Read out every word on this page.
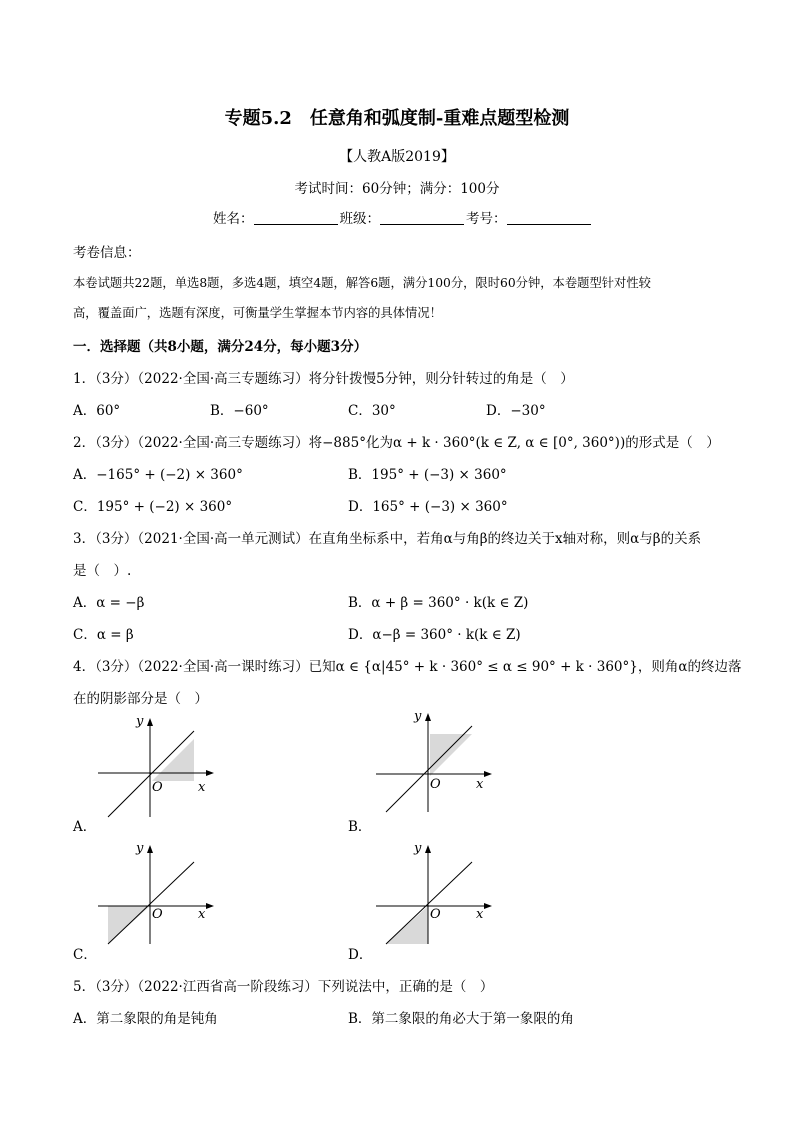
专题5.2　任意角和弧度制-重难点题型检测
【人教A版2019】
考试时间：60分钟；满分：100分
姓名：	班级：	考号：
考卷信息：
本卷试题共22题，单选8题，多选4题，填空4题，解答6题，满分100分，限时60分钟，本卷题型针对性较
高，覆盖面广，选题有深度，可衡量学生掌握本节内容的具体情况！
一．选择题（共8小题，满分24分，每小题3分）
1．（3分）（2022·全国·高三专题练习）将分针拨慢5分钟，则分针转过的角是（　）
A．60°	B．−60°	C．30°	D．−30°
2．（3分）（2022·全国·高三专题练习）将−885°化为α + k · 360°(k ∈ Z, α ∈ [0°, 360°))的形式是（　）
A．−165° + (−2) × 360°	B．195° + (−3) × 360°
C．195° + (−2) × 360°	D．165° + (−3) × 360°
3．（3分）（2021·全国·高一单元测试）在直角坐标系中，若角α与角β的终边关于x轴对称，则α与β的关系
是（　）.
A．α = −β	B．α + β = 360° · k(k ∈ Z)
C．α = β	D．α−β = 360° · k(k ∈ Z)
4．（3分）（2022·全国·高一课时练习）已知α ∈ {α|45° + k · 360° ≤ α ≤ 90° + k · 360°}，则角α的终边落
在的阴影部分是（　）
y
O	x
A．
y
O	x
B．
y
O	x
C．
y
O	x
D．
5．（3分）（2022·江西省高一阶段练习）下列说法中，正确的是（　）
A．第二象限的角是钝角	B．第二象限的角必大于第一象限的角
